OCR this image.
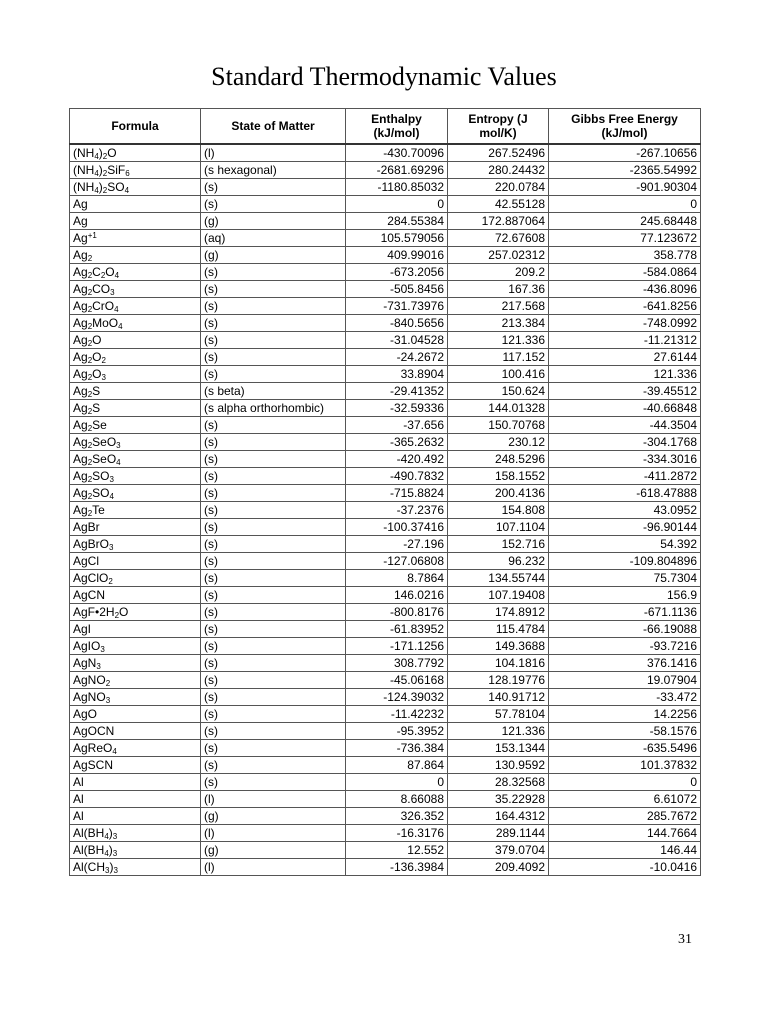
Standard Thermodynamic Values
Formula	State of Matter	Enthalpy (kJ/mol)	Entropy (J mol/K)	Gibbs Free Energy (kJ/mol)
$(NH_4)_2O$	(l)	-430.70096	267.52496	-267.10656
$(NH_4)_2SiF_6$	(s hexagonal)	-2681.69296	280.24432	-2365.54992
$(NH_4)_2SO_4$	(s)	-1180.85032	220.0784	-901.90304
Ag	(s)	0	42.55128	0
Ag	(g)	284.55384	172.887064	245.68448
$Ag^{+1}$	(aq)	105.579056	72.67608	77.123672
$Ag_2$	(g)	409.99016	257.02312	358.778
$Ag_2C_2O_4$	(s)	-673.2056	209.2	-584.0864
$Ag_2CO_3$	(s)	-505.8456	167.36	-436.8096
$Ag_2CrO_4$	(s)	-731.73976	217.568	-641.8256
$Ag_2MoO_4$	(s)	-840.5656	213.384	-748.0992
$Ag_2O$	(s)	-31.04528	121.336	-11.21312
$Ag_2O_2$	(s)	-24.2672	117.152	27.6144
$Ag_2O_3$	(s)	33.8904	100.416	121.336
$Ag_2S$	(s beta)	-29.41352	150.624	-39.45512
$Ag_2S$	(s alpha orthorhombic)	-32.59336	144.01328	-40.66848
$Ag_2Se$	(s)	-37.656	150.70768	-44.3504
$Ag_2SeO_3$	(s)	-365.2632	230.12	-304.1768
$Ag_2SeO_4$	(s)	-420.492	248.5296	-334.3016
$Ag_2SO_3$	(s)	-490.7832	158.1552	-411.2872
$Ag_2SO_4$	(s)	-715.8824	200.4136	-618.47888
$Ag_2Te$	(s)	-37.2376	154.808	43.0952
AgBr	(s)	-100.37416	107.1104	-96.90144
AgBrO$_3$	(s)	-27.196	152.716	54.392
AgCl	(s)	-127.06808	96.232	-109.804896
AgClO$_2$	(s)	8.7864	134.55744	75.7304
AgCN	(s)	146.0216	107.19408	156.9
$AgF•2H_2O$	(s)	-800.8176	174.8912	-671.1136
AgI	(s)	-61.83952	115.4784	-66.19088
AgIO$_3$	(s)	-171.1256	149.3688	-93.7216
AgN$_3$	(s)	308.7792	104.1816	376.1416
AgNO$_2$	(s)	-45.06168	128.19776	19.07904
AgNO$_3$	(s)	-124.39032	140.91712	-33.472
AgO	(s)	-11.42232	57.78104	14.2256
AgOCN	(s)	-95.3952	121.336	-58.1576
AgReO$_4$	(s)	-736.384	153.1344	-635.5496
AgSCN	(s)	87.864	130.9592	101.37832
Al	(s)	0	28.32568	0
Al	(l)	8.66088	35.22928	6.61072
Al	(g)	326.352	164.4312	285.7672
$Al(BH_4)_3$	(l)	-16.3176	289.1144	144.7664
$Al(BH_4)_3$	(g)	12.552	379.0704	146.44
$Al(CH_3)_3$	(l)	-136.3984	209.4092	-10.0416
31
